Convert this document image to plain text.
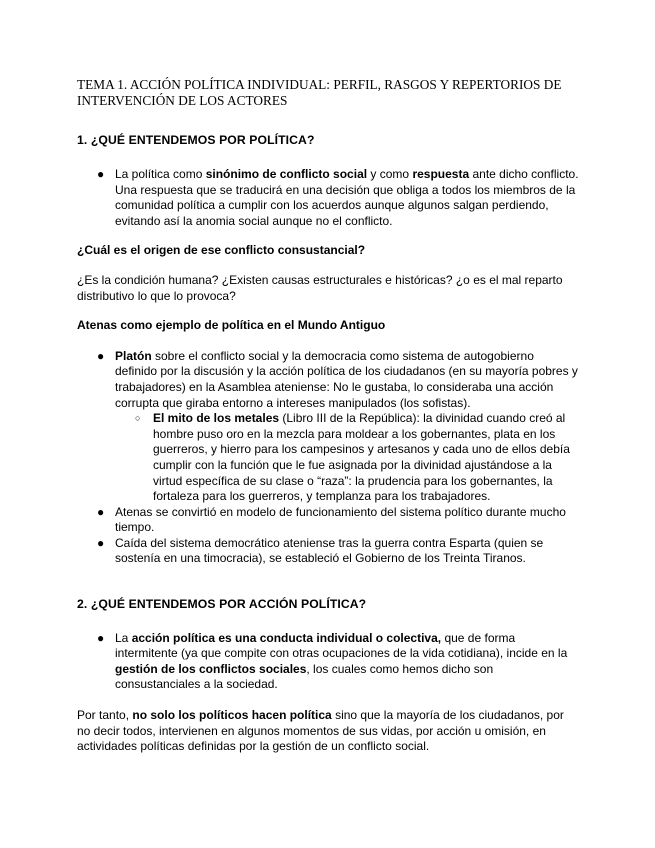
TEMA 1. ACCIÓN POLÍTICA INDIVIDUAL: PERFIL, RASGOS Y REPERTORIOS DE INTERVENCIÓN DE LOS ACTORES
1. ¿QUÉ ENTENDEMOS POR POLÍTICA?
● La política como sinónimo de conflicto social y como respuesta ante dicho conflicto. Una respuesta que se traducirá en una decisión que obliga a todos los miembros de la comunidad política a cumplir con los acuerdos aunque algunos salgan perdiendo, evitando así la anomia social aunque no el conflicto.
¿Cuál es el origen de ese conflicto consustancial?

¿Es la condición humana? ¿Existen causas estructurales e históricas? ¿o es el mal reparto distributivo lo que lo provoca?

Atenas como ejemplo de política en el Mundo Antiguo
● Platón sobre el conflicto social y la democracia como sistema de autogobierno definido por la discusión y la acción política de los ciudadanos (en su mayoría pobres y trabajadores) en la Asamblea ateniense: No le gustaba, lo consideraba una acción corrupta que giraba entorno a intereses manipulados (los sofistas).
○ El mito de los metales (Libro III de la República): la divinidad cuando creó al hombre puso oro en la mezcla para moldear a los gobernantes, plata en los guerreros, y hierro para los campesinos y artesanos y cada uno de ellos debía cumplir con la función que le fue asignada por la divinidad ajustándose a la virtud específica de su clase o “raza”: la prudencia para los gobernantes, la fortaleza para los guerreros, y templanza para los trabajadores.
● Atenas se convirtió en modelo de funcionamiento del sistema político durante mucho tiempo.
● Caída del sistema democrático ateniense tras la guerra contra Esparta (quien se sostenía en una timocracia), se estableció el Gobierno de los Treinta Tiranos.
2. ¿QUÉ ENTENDEMOS POR ACCIÓN POLÍTICA?
● La acción política es una conducta individual o colectiva, que de forma intermitente (ya que compite con otras ocupaciones de la vida cotidiana), incide en la gestión de los conflictos sociales, los cuales como hemos dicho son consustanciales a la sociedad.

Por tanto, no solo los políticos hacen política sino que la mayoría de los ciudadanos, por no decir todos, intervienen en algunos momentos de sus vidas, por acción u omisión, en actividades políticas definidas por la gestión de un conflicto social.
